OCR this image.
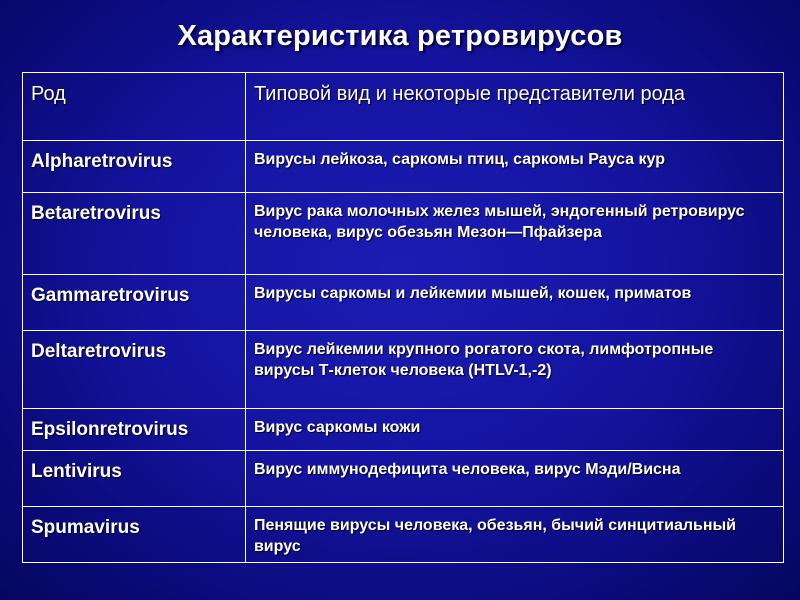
Характеристика ретровирусов
Род	Типовой вид и некоторые представители рода
Alpharetrovirus	Вирусы лейкоза, саркомы птиц, саркомы Рауса кур
Betaretrovirus	Вирус рака молочных желез мышей, эндогенный ретровирус человека, вирус обезьян Мезон—Пфайзера
Gammaretrovirus	Вирусы саркомы и лейкемии мышей, кошек, приматов
Deltaretrovirus	Вирус лейкемии крупного рогатого скота, лимфотропные вирусы Т-клеток человека (HTLV-1,-2)
Epsilonretrovirus	Вирус саркомы кожи
Lentivirus	Вирус иммунодефицита человека, вирус Мэди/Висна
Spumavirus	Пенящие вирусы человека, обезьян, бычий синцитиальный вирус
